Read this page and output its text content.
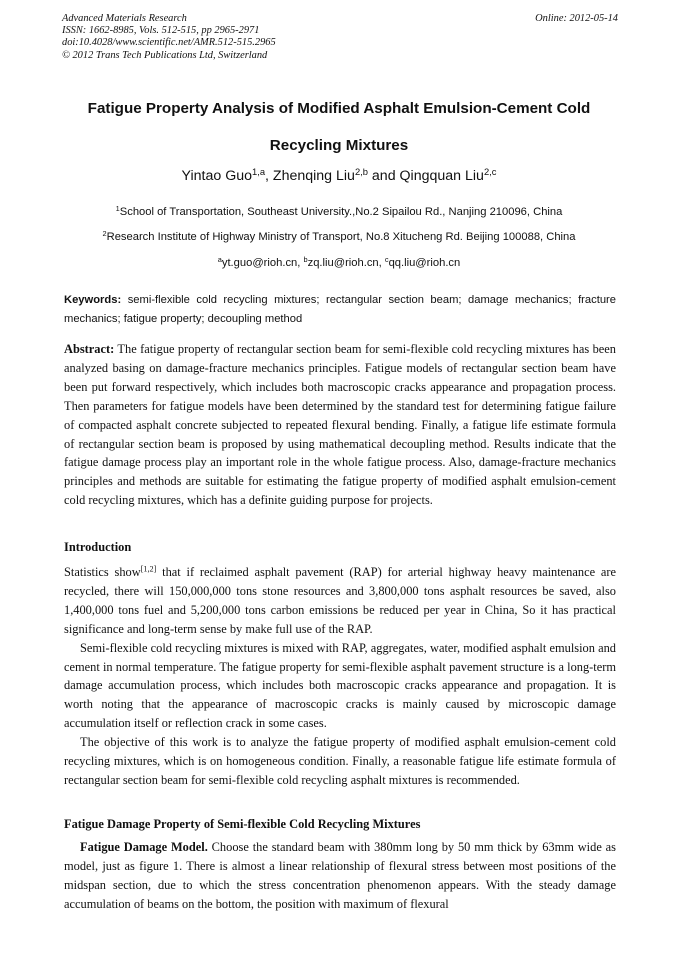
Advanced Materials Research
ISSN: 1662-8985, Vols. 512-515, pp 2965-2971
doi:10.4028/www.scientific.net/AMR.512-515.2965
© 2012 Trans Tech Publications Ltd, Switzerland
Online: 2012-05-14
Fatigue Property Analysis of Modified Asphalt Emulsion-Cement Cold
Recycling Mixtures
Yintao Guo$^{1,a}$, Zhenqing Liu$^{2,b}$ and Qingquan Liu$^{2,c}$
$^1$School of Transportation, Southeast University.,No.2 Sipailou Rd., Nanjing 210096, China
$^2$Research Institute of Highway Ministry of Transport, No.8 Xitucheng Rd. Beijing 100088, China
$^a$yt.guo@rioh.cn, $^b$zq.liu@rioh.cn, $^c$qq.liu@rioh.cn
Keywords: semi-flexible cold recycling mixtures; rectangular section beam; damage mechanics; fracture mechanics; fatigue property; decoupling method
Abstract: The fatigue property of rectangular section beam for semi-flexible cold recycling mixtures has been analyzed basing on damage-fracture mechanics principles. Fatigue models of rectangular section beam have been put forward respectively, which includes both macroscopic cracks appearance and propagation process. Then parameters for fatigue models have been determined by the standard test for determining fatigue failure of compacted asphalt concrete subjected to repeated flexural bending. Finally, a fatigue life estimate formula of rectangular section beam is proposed by using mathematical decoupling method. Results indicate that the fatigue damage process play an important role in the whole fatigue process. Also, damage-fracture mechanics principles and methods are suitable for estimating the fatigue property of modified asphalt emulsion-cement cold recycling mixtures, which has a definite guiding purpose for projects.
Introduction

Statistics show[1,2] that if reclaimed asphalt pavement (RAP) for arterial highway heavy maintenance are recycled, there will 150,000,000 tons stone resources and 3,800,000 tons asphalt resources be saved, also 1,400,000 tons fuel and 5,200,000 tons carbon emissions be reduced per year in China, So it has practical significance and long-term sense by make full use of the RAP.

Semi-flexible cold recycling mixtures is mixed with RAP, aggregates, water, modified asphalt emulsion and cement in normal temperature. The fatigue property for semi-flexible asphalt pavement structure is a long-term damage accumulation process, which includes both macroscopic cracks appearance and propagation. It is worth noting that the appearance of macroscopic cracks is mainly caused by microscopic damage accumulation itself or reflection crack in some cases.

The objective of this work is to analyze the fatigue property of modified asphalt emulsion-cement cold recycling mixtures, which is on homogeneous condition. Finally, a reasonable fatigue life estimate formula of rectangular section beam for semi-flexible cold recycling asphalt mixtures is recommended.

Fatigue Damage Property of Semi-flexible Cold Recycling Mixtures

Fatigue Damage Model. Choose the standard beam with 380mm long by 50 mm thick by 63mm wide as model, just as figure 1. There is almost a linear relationship of flexural stress between most positions of the midspan section, due to which the stress concentration phenomenon appears. With the steady damage accumulation of beams on the bottom, the position with maximum of flexural
